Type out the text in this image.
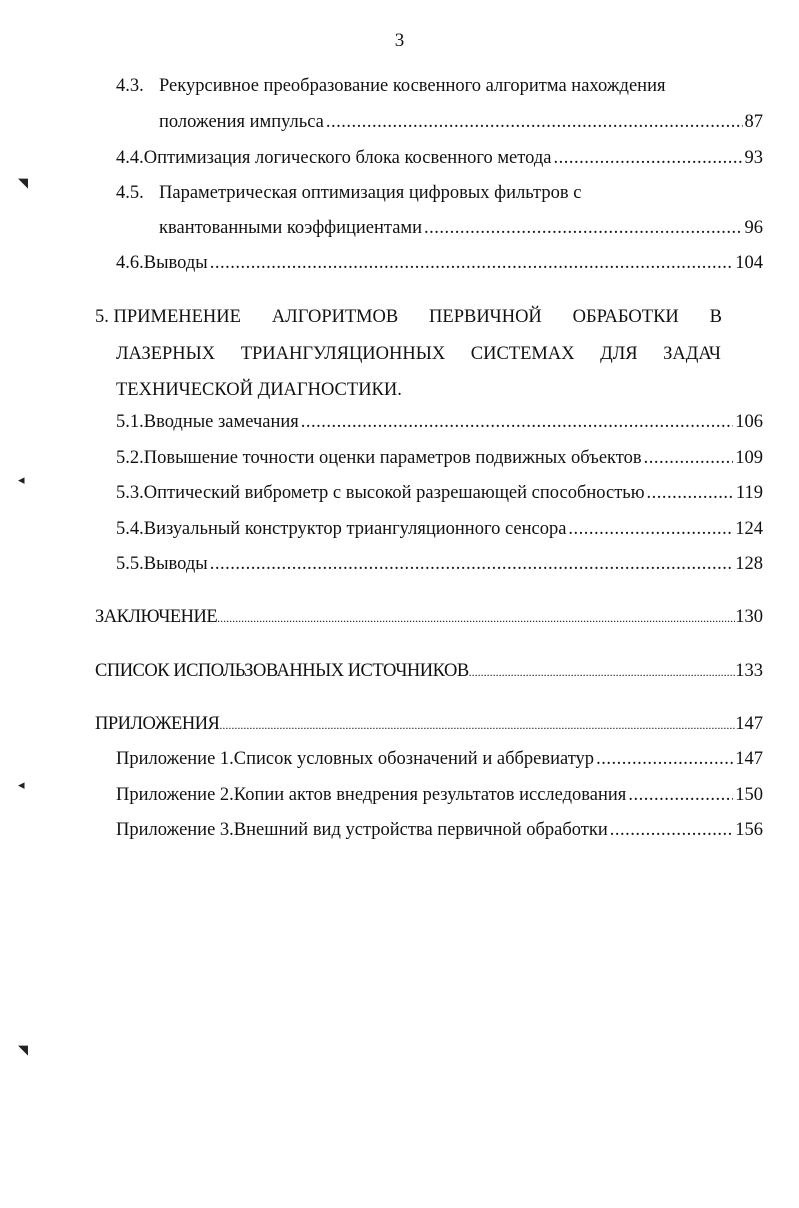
3
4.3. Рекурсивное преобразование косвенного алгоритма нахождения
положения импульса .....	87
4.4. Оптимизация логического блока косвенного метода .....	93
4.5. Параметрическая оптимизация цифровых фильтров с
квантованными коэффициентами .....	96
4.6. Выводы .....	104
5. ПРИМЕНЕНИЕ АЛГОРИТМОВ ПЕРВИЧНОЙ ОБРАБОТКИ В
ЛАЗЕРНЫХ ТРИАНГУЛЯЦИОННЫХ СИСТЕМАХ ДЛЯ ЗАДАЧ
ТЕХНИЧЕСКОЙ ДИАГНОСТИКИ.
5.1. Вводные замечания .....	106
5.2. Повышение точности оценки параметров подвижных объектов .....	109
5.3. Оптический виброметр с высокой разрешающей способностью .....	119
5.4. Визуальный конструктор триангуляционного сенсора .....	124
5.5. Выводы .....	128
ЗАКЛЮЧЕНИЕ .....	130
СПИСОК ИСПОЛЬЗОВАННЫХ ИСТОЧНИКОВ .....	133
ПРИЛОЖЕНИЯ .....	147
Приложение 1. Список условных обозначений и аббревиатур .....	147
Приложение 2. Копии актов внедрения результатов исследования .....	150
Приложение 3. Внешний вид устройства первичной обработки .....	156
◥
◂
◂
◥
